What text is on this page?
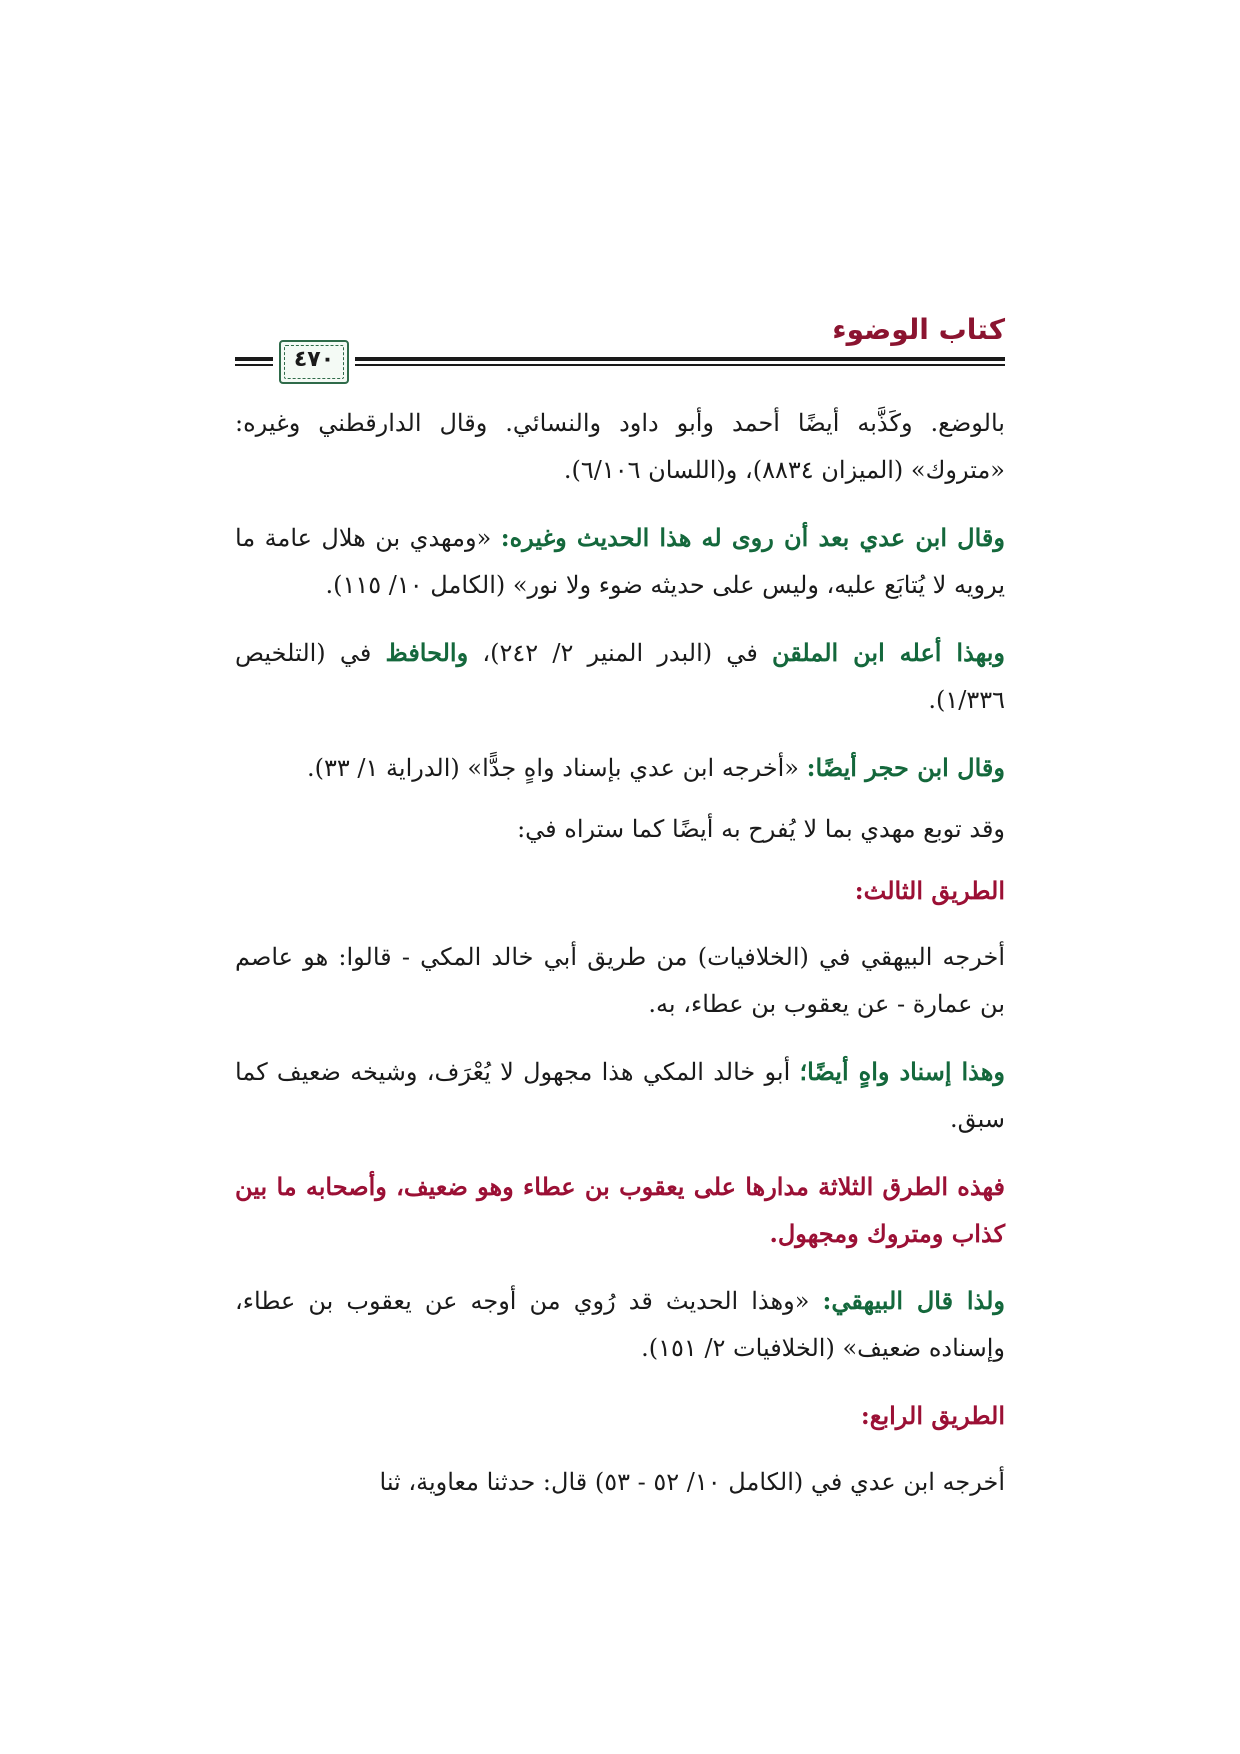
كتاب الوضوء
٤٧٠

بالوضع. وكَذَّبه أيضًا أحمد وأبو داود والنسائي. وقال الدارقطني وغيره: «متروك» (الميزان ٨٨٣٤)، و(اللسان ٦/١٠٦).

وقال ابن عدي بعد أن روى له هذا الحديث وغيره: «ومهدي بن هلال عامة ما يرويه لا يُتابَع عليه، وليس على حديثه ضوء ولا نور» (الكامل ١٠/ ١١٥).

وبهذا أعله ابن الملقن في (البدر المنير ٢/ ٢٤٢)، والحافظ في (التلخيص ١/٣٣٦).

وقال ابن حجر أيضًا: «أخرجه ابن عدي بإسناد واهٍ جدًّا» (الدراية ١/ ٣٣).

وقد توبع مهدي بما لا يُفرح به أيضًا كما ستراه في:

الطريق الثالث:

أخرجه البيهقي في (الخلافيات) من طريق أبي خالد المكي - قالوا: هو عاصم بن عمارة - عن يعقوب بن عطاء، به.

وهذا إسناد واهٍ أيضًا؛ أبو خالد المكي هذا مجهول لا يُعْرَف، وشيخه ضعيف كما سبق.

فهذه الطرق الثلاثة مدارها على يعقوب بن عطاء وهو ضعيف، وأصحابه ما بين كذاب ومتروك ومجهول.

ولذا قال البيهقي: «وهذا الحديث قد رُوي من أوجه عن يعقوب بن عطاء، وإسناده ضعيف» (الخلافيات ٢/ ١٥١).

الطريق الرابع:

أخرجه ابن عدي في (الكامل ١٠/ ٥٢ - ٥٣) قال: حدثنا معاوية، ثنا
